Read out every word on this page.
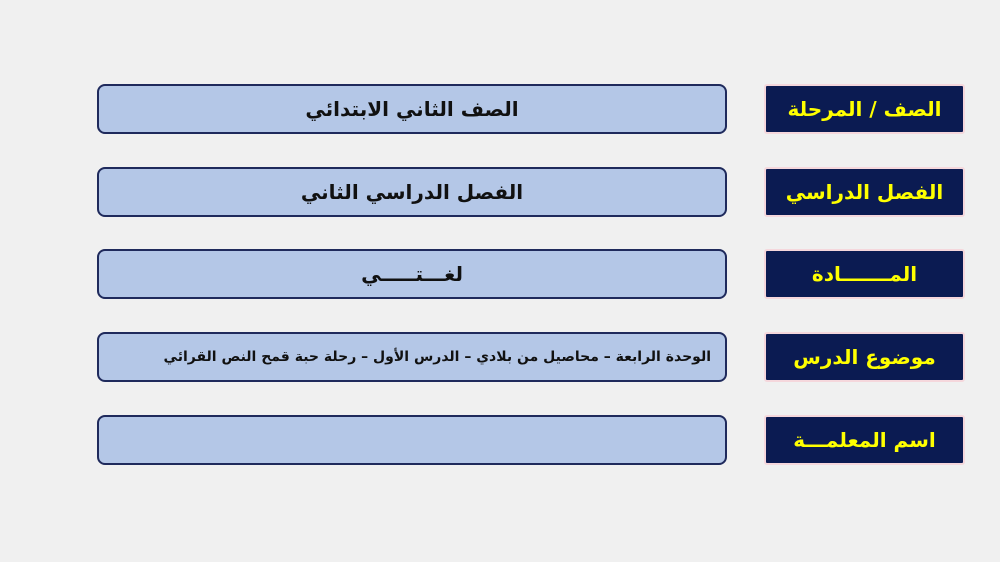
الصف الثاني الابتدائي	الصف / المرحلة
الفصل الدراسي الثاني	الفصل الدراسي
لغـــتـــــي	المـــــــادة
الوحدة الرابعة – محاصيل من بلادي – الدرس الأول – رحلة حبة قمح النص القرائي	موضوع الدرس
اسم المعلمـــة
